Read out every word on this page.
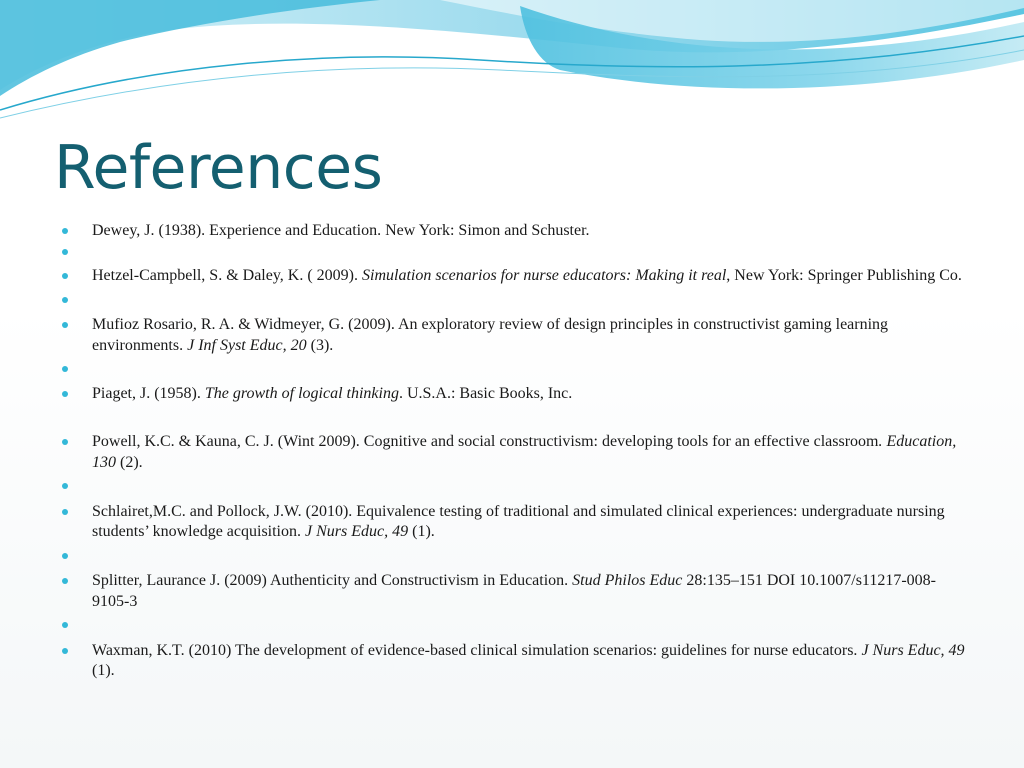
References
Dewey, J. (1938). Experience and Education. New York: Simon and Schuster.
Hetzel-Campbell, S. & Daley, K. ( 2009). Simulation scenarios for nurse educators: Making it real, New York: Springer Publishing Co.
Mufioz Rosario, R. A. & Widmeyer, G. (2009). An exploratory review of design principles in constructivist gaming learning environments. J Inf Syst Educ, 20 (3).
Piaget, J. (1958). The growth of logical thinking. U.S.A.: Basic Books, Inc.
Powell, K.C. & Kauna, C. J. (Wint 2009). Cognitive and social constructivism: developing tools for an effective classroom. Education, 130 (2).
Schlairet,M.C. and Pollock, J.W. (2010). Equivalence testing of traditional and simulated clinical experiences: undergraduate nursing students’ knowledge acquisition. J Nurs Educ, 49 (1).
Splitter, Laurance J. (2009) Authenticity and Constructivism in Education. Stud Philos Educ 28:135–151 DOI 10.1007/s11217-008-9105-3
Waxman, K.T. (2010) The development of evidence-based clinical simulation scenarios: guidelines for nurse educators. J Nurs Educ, 49 (1).
